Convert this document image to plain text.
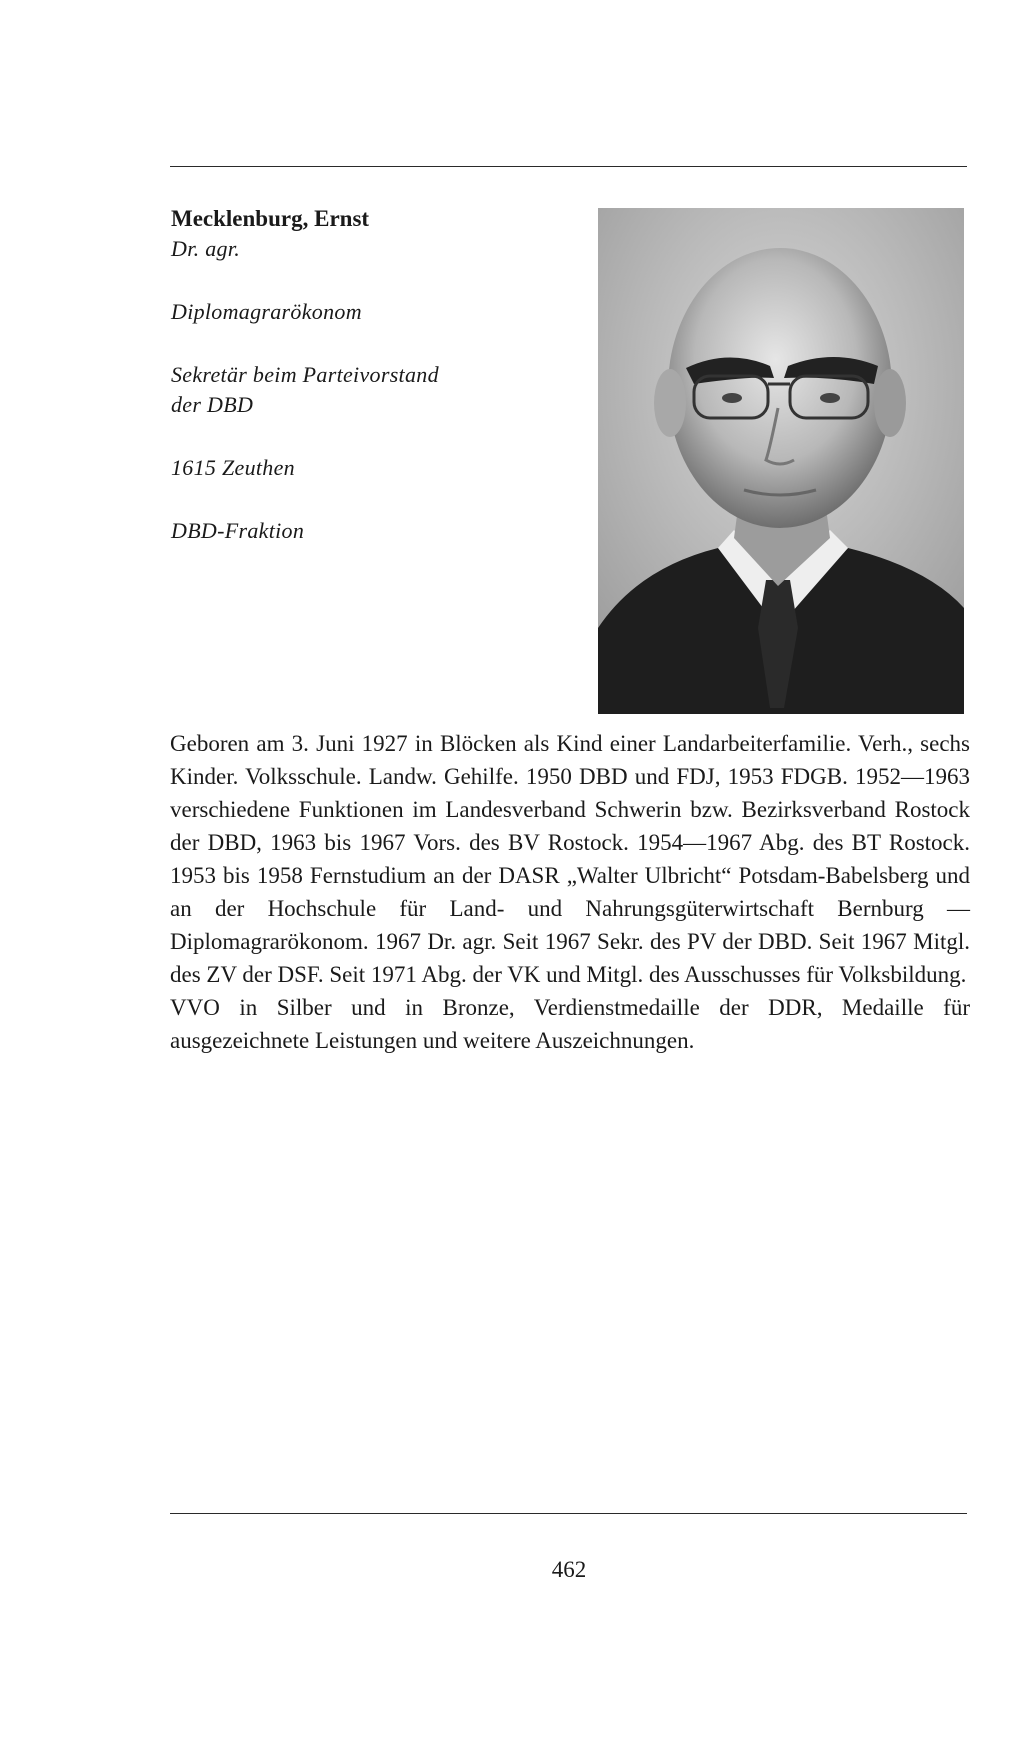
Mecklenburg, Ernst

Dr. agr.

Diplomagrarökonom

Sekretär beim Parteivorstand

der DBD

1615 Zeuthen

DBD-Fraktion

Geboren am 3. Juni 1927 in Blöcken als Kind einer Landarbeiterfamilie. Verh., sechs Kinder. Volksschule. Landw. Gehilfe. 1950 DBD und FDJ, 1953 FDGB. 1952—1963 verschiedene Funktionen im Landesverband Schwerin bzw. Bezirksverband Rostock der DBD, 1963 bis 1967 Vors. des BV Rostock. 1954—1967 Abg. des BT Rostock. 1953 bis 1958 Fernstudium an der DASR „Walter Ulbricht“ Potsdam-Babelsberg und an der Hochschule für Land- und Nahrungsgüterwirtschaft Bernburg — Diplomagrarökonom. 1967 Dr. agr. Seit 1967 Sekr. des PV der DBD. Seit 1967 Mitgl. des ZV der DSF. Seit 1971 Abg. der VK und Mitgl. des Ausschusses für Volksbildung.

VVO in Silber und in Bronze, Verdienstmedaille der DDR, Medaille für ausgezeichnete Leistungen und weitere Auszeichnungen.

462
